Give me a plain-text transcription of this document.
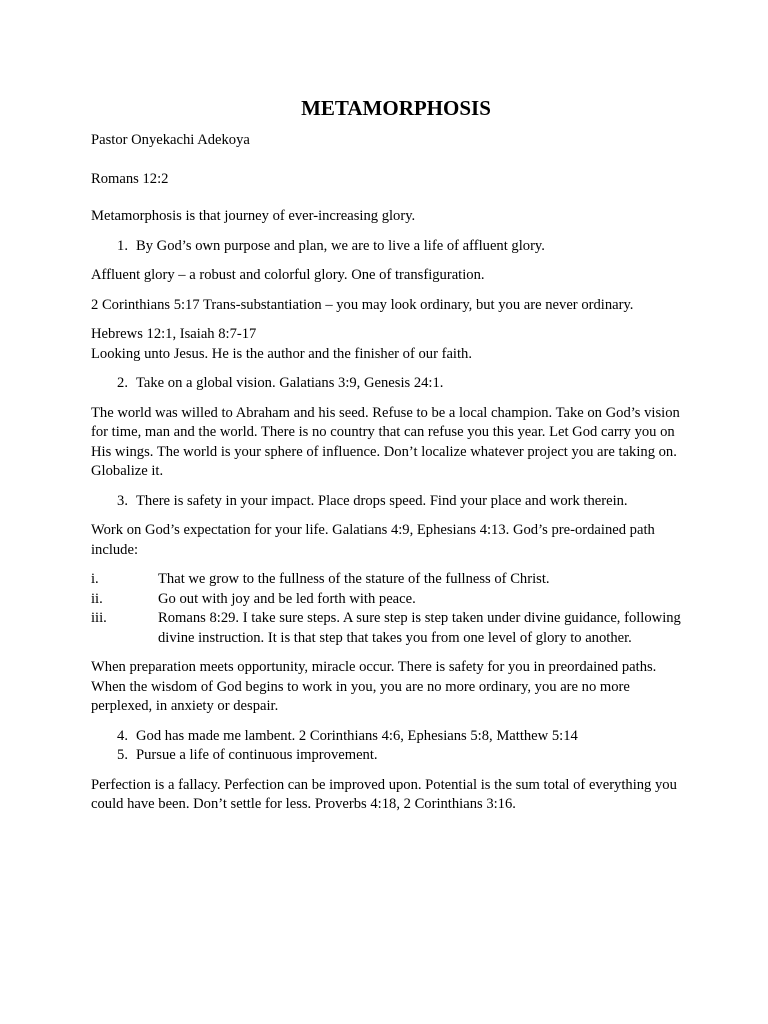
METAMORPHOSIS

Pastor Onyekachi Adekoya

Romans 12:2

Metamorphosis is that journey of ever-increasing glory.

1. By God’s own purpose and plan, we are to live a life of affluent glory.

Affluent glory – a robust and colorful glory. One of transfiguration.

2 Corinthians 5:17 Trans-substantiation – you may look ordinary, but you are never ordinary.

Hebrews 12:1, Isaiah 8:7-17

Looking unto Jesus. He is the author and the finisher of our faith.

2. Take on a global vision. Galatians 3:9, Genesis 24:1.

The world was willed to Abraham and his seed. Refuse to be a local champion. Take on God’s vision for time, man and the world. There is no country that can refuse you this year. Let God carry you on His wings. The world is your sphere of influence. Don’t localize whatever project you are taking on. Globalize it.

3. There is safety in your impact. Place drops speed. Find your place and work therein.

Work on God’s expectation for your life. Galatians 4:9, Ephesians 4:13. God’s pre-ordained path include:

i.	That we grow to the fullness of the stature of the fullness of Christ.
ii.	Go out with joy and be led forth with peace.
iii.	Romans 8:29. I take sure steps. A sure step is step taken under divine guidance, following divine instruction. It is that step that takes you from one level of glory to another.

When preparation meets opportunity, miracle occur. There is safety for you in preordained paths. When the wisdom of God begins to work in you, you are no more ordinary, you are no more perplexed, in anxiety or despair.

4. God has made me lambent. 2 Corinthians 4:6, Ephesians 5:8, Matthew 5:14
5. Pursue a life of continuous improvement.

Perfection is a fallacy. Perfection can be improved upon. Potential is the sum total of everything you could have been. Don’t settle for less. Proverbs 4:18, 2 Corinthians 3:16.
